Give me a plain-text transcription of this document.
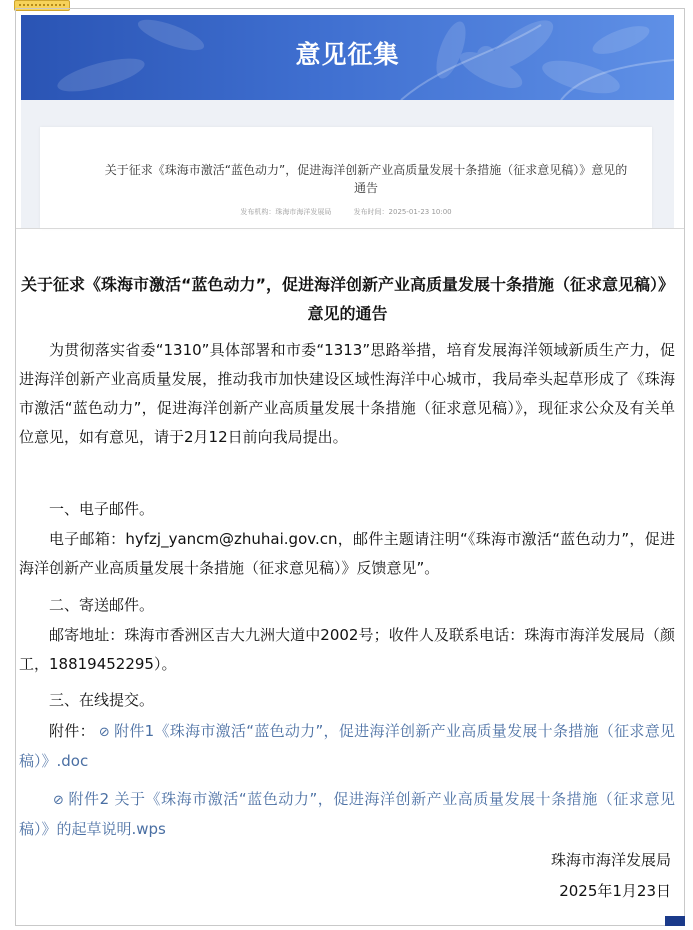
意见征集
关于征求《珠海市激活“蓝色动力”，促进海洋创新产业高质量发展十条措施（征求意见稿）》意见的通告
发布机构：珠海市海洋发展局	发布时间：2025-01-23 10:00
关于征求《珠海市激活“蓝色动力”，促进海洋创新产业高质量发展十条措施（征求意见稿）》意见的通告
为贯彻落实省委“1310”具体部署和市委“1313”思路举措，培育发展海洋领域新质生产力，促进海洋创新产业高质量发展，推动我市加快建设区域性海洋中心城市，我局牵头起草形成了《珠海市激活“蓝色动力”，促进海洋创新产业高质量发展十条措施（征求意见稿）》，现征求公众及有关单位意见，如有意见，请于2月12日前向我局提出。
一、电子邮件。
电子邮箱：hyfzj_yancm@zhuhai.gov.cn，邮件主题请注明“《珠海市激活“蓝色动力”，促进海洋创新产业高质量发展十条措施（征求意见稿）》反馈意见”。
二、寄送邮件。
邮寄地址：珠海市香洲区吉大九洲大道中2002号；收件人及联系电话：珠海市海洋发展局（颜工，18819452295）。
三、在线提交。
附件： ⊘ 附件1《珠海市激活“蓝色动力”，促进海洋创新产业高质量发展十条措施（征求意见稿）》.doc
⊘ 附件2 关于《珠海市激活“蓝色动力”，促进海洋创新产业高质量发展十条措施（征求意见稿）》的起草说明.wps
珠海市海洋发展局
2025年1月23日
